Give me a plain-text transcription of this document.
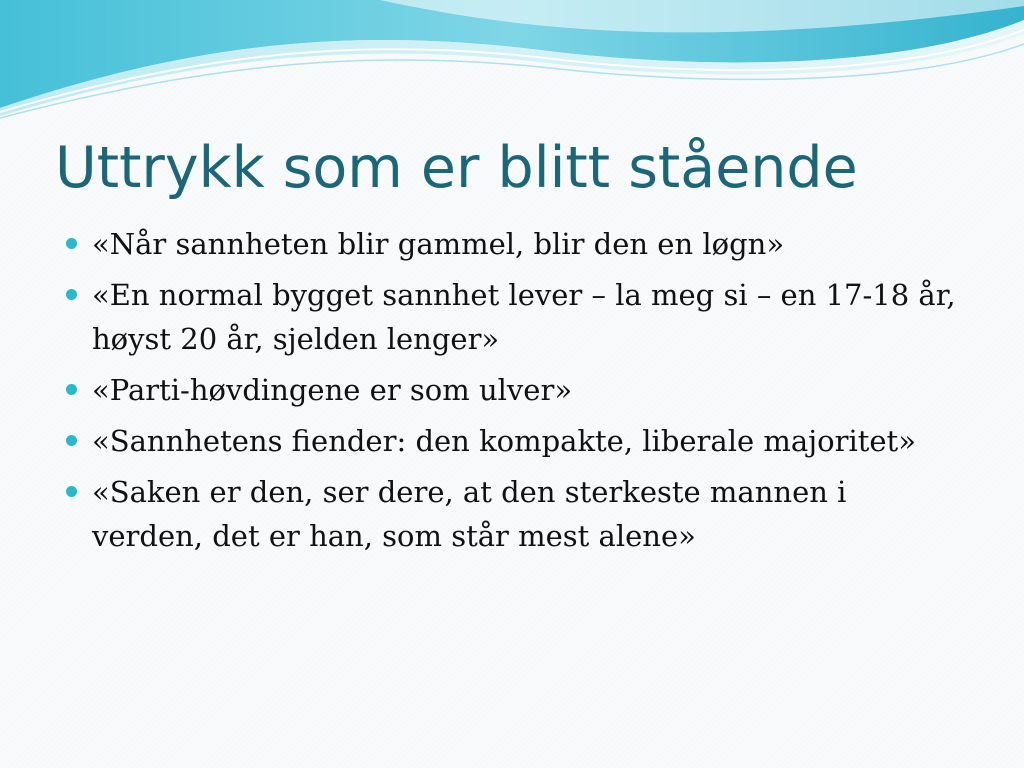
Uttrykk som er blitt stående
«Når sannheten blir gammel, blir den en løgn»
«En normal bygget sannhet lever – la meg si – en 17-18 år, høyst 20 år, sjelden lenger»
«Parti-høvdingene er som ulver»
«Sannhetens fiender: den kompakte, liberale majoritet»
«Saken er den, ser dere, at den sterkeste mannen i verden, det er han, som står mest alene»
